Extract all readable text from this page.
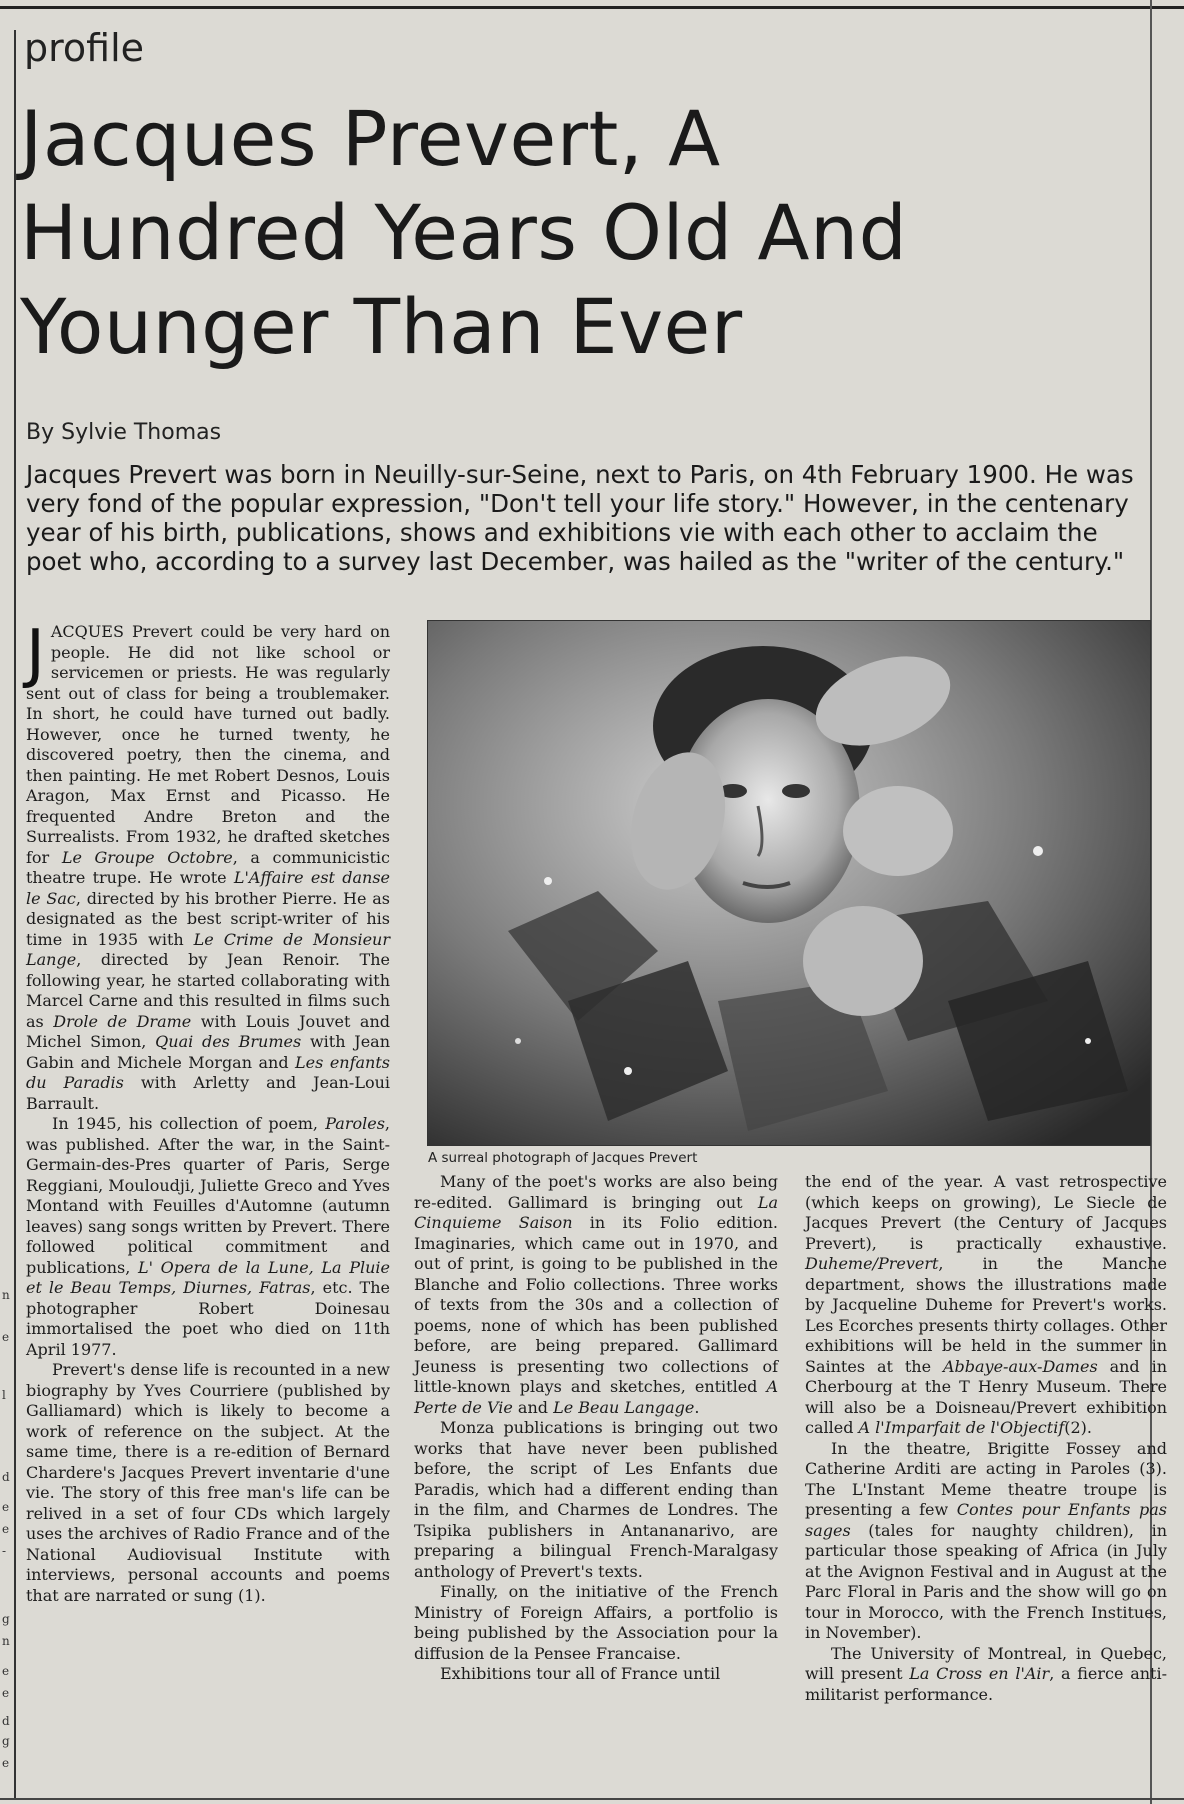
profile
Jacques Prevert, A
Hundred Years Old And
Younger Than Ever
By Sylvie Thomas
Jacques Prevert was born in Neuilly-sur-Seine, next to Paris, on 4th February 1900. He was very fond of the popular expression, "Don't tell your life story." However, in the centenary year of his birth, publications, shows and exhibitions vie with each other to acclaim the poet who, according to a survey last December, was hailed as the "writer of the century."

JACQUES Prevert could be very hard on people. He did not like school or servicemen or priests. He was regularly sent out of class for being a troublemaker. In short, he could have turned out badly. However, once he turned twenty, he discovered poetry, then the cinema, and then painting. He met Robert Desnos, Louis Aragon, Max Ernst and Picasso. He frequented Andre Breton and the Surrealists. From 1932, he drafted sketches for Le Groupe Octobre, a communicistic theatre trupe. He wrote L'Affaire est danse le Sac, directed by his brother Pierre. He as designated as the best script-writer of his time in 1935 with Le Crime de Monsieur Lange, directed by Jean Renoir. The following year, he started collaborating with Marcel Carne and this resulted in films such as Drole de Drame with Louis Jouvet and Michel Simon, Quai des Brumes with Jean Gabin and Michele Morgan and Les enfants du Paradis with Arletty and Jean-Loui Barrault.

In 1945, his collection of poem, Paroles, was published. After the war, in the Saint-Germain-des-Pres quarter of Paris, Serge Reggiani, Mouloudji, Juliette Greco and Yves Montand with Feuilles d'Automne (autumn leaves) sang songs written by Prevert. There followed political commitment and publications, L' Opera de la Lune, La Pluie et le Beau Temps, Diurnes, Fatras, etc. The photographer Robert Doinesau immortalised the poet who died on 11th April 1977.

Prevert's dense life is recounted in a new biography by Yves Courriere (published by Galliamard) which is likely to become a work of reference on the subject. At the same time, there is a re-edition of Bernard Chardere's Jacques Prevert inventarie d'une vie. The story of this free man's life can be relived in a set of four CDs which largely uses the archives of Radio France and of the National Audiovisual Institute with interviews, personal accounts and poems that are narrated or sung (1).

A surreal photograph of Jacques Prevert

Many of the poet's works are also being re-edited. Gallimard is bringing out La Cinquieme Saison in its Folio edition. Imaginaries, which came out in 1970, and out of print, is going to be published in the Blanche and Folio collections. Three works of texts from the 30s and a collection of poems, none of which has been published before, are being prepared. Gallimard Jeuness is presenting two collections of little-known plays and sketches, entitled A Perte de Vie and Le Beau Langage.

Monza publications is bringing out two works that have never been published before, the script of Les Enfants due Paradis, which had a different ending than in the film, and Charmes de Londres. The Tsipika publishers in Antananarivo, are preparing a bilingual French-Maralgasy anthology of Prevert's texts.

Finally, on the initiative of the French Ministry of Foreign Affairs, a portfolio is being published by the Association pour la diffusion de la Pensee Francaise.

Exhibitions tour all of France until

the end of the year. A vast retrospective (which keeps on growing), Le Siecle de Jacques Prevert (the Century of Jacques Prevert), is practically exhaustive. Duheme/Prevert, in the Manche department, shows the illustrations made by Jacqueline Duheme for Prevert's works. Les Ecorches presents thirty collages. Other exhibitions will be held in the summer in Saintes at the Abbaye-aux-Dames and in Cherbourg at the T Henry Museum. There will also be a Doisneau/Prevert exhibition called A l'Imparfait de l'Objectif(2).

In the theatre, Brigitte Fossey and Catherine Arditi are acting in Paroles (3). The L'Instant Meme theatre troupe is presenting a few Contes pour Enfants pas sages (tales for naughty children), in particular those speaking of Africa (in July at the Avignon Festival and in August at the Parc Floral in Paris and the show will go on tour in Morocco, with the French Institues, in November).

The University of Montreal, in Quebec, will present La Cross en l'Air, a fierce anti-militarist performance.

n
e
l
d
e
e
-
g
n
e
e
d
g
e
